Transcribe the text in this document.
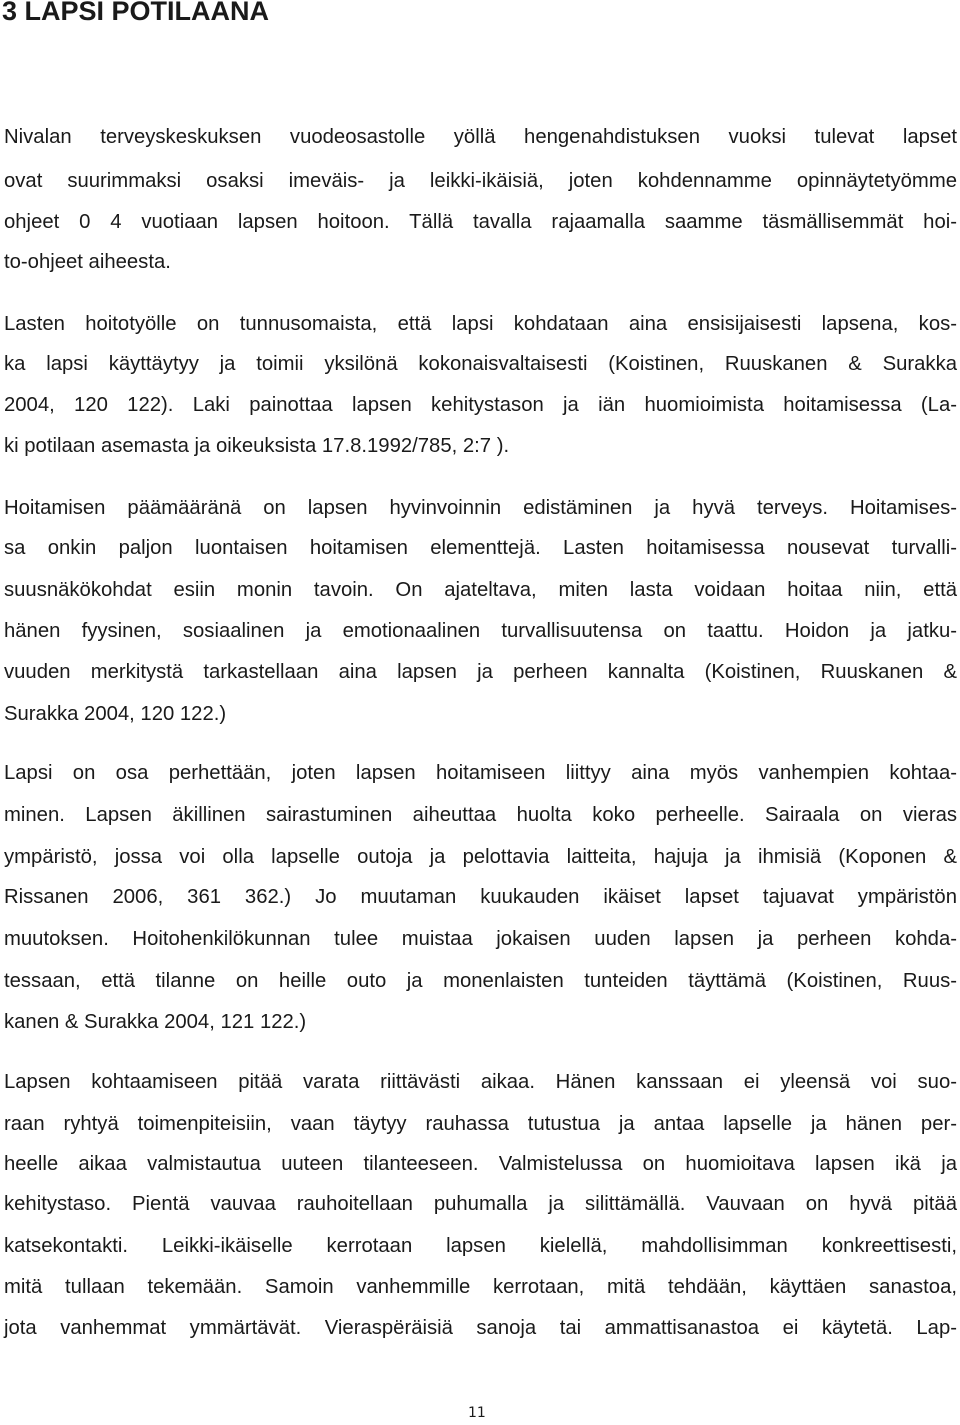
3 LAPSI POTILAANA
Nivalan terveyskeskuksen vuodeosastolle yöllä hengenahdistuksen vuoksi tulevat lapset
ovat suurimmaksi osaksi imeväis- ja leikki-ikäisiä, joten kohdennamme opinnäytetyömme
ohjeet 0 4 vuotiaan lapsen hoitoon. Tällä tavalla rajaamalla saamme täsmällisemmät hoi-
to-ohjeet aiheesta.
Lasten hoitotyölle on tunnusomaista, että lapsi kohdataan aina ensisijaisesti lapsena, kos-
ka lapsi käyttäytyy ja toimii yksilönä kokonaisvaltaisesti (Koistinen, Ruuskanen & Surakka
2004, 120 122). Laki painottaa lapsen kehitystason ja iän huomioimista hoitamisessa (La-
ki potilaan asemasta ja oikeuksista 17.8.1992/785, 2:7 ).
Hoitamisen päämääränä on lapsen hyvinvoinnin edistäminen ja hyvä terveys. Hoitamises-
sa onkin paljon luontaisen hoitamisen elementtejä. Lasten hoitamisessa nousevat turvalli-
suusnäkökohdat esiin monin tavoin. On ajateltava, miten lasta voidaan hoitaa niin, että
hänen fyysinen, sosiaalinen ja emotionaalinen turvallisuutensa on taattu. Hoidon ja jatku-
vuuden merkitystä tarkastellaan aina lapsen ja perheen kannalta (Koistinen, Ruuskanen &
Surakka 2004, 120 122.)
Lapsi on osa perhettään, joten lapsen hoitamiseen liittyy aina myös vanhempien kohtaa-
minen. Lapsen äkillinen sairastuminen aiheuttaa huolta koko perheelle. Sairaala on vieras
ympäristö, jossa voi olla lapselle outoja ja pelottavia laitteita, hajuja ja ihmisiä (Koponen &
Rissanen 2006, 361 362.) Jo muutaman kuukauden ikäiset lapset tajuavat ympäristön
muutoksen. Hoitohenkilökunnan tulee muistaa jokaisen uuden lapsen ja perheen kohda-
tessaan, että tilanne on heille outo ja monenlaisten tunteiden täyttämä (Koistinen, Ruus-
kanen & Surakka 2004, 121 122.)
Lapsen kohtaamiseen pitää varata riittävästi aikaa. Hänen kanssaan ei yleensä voi suo-
raan ryhtyä toimenpiteisiin, vaan täytyy rauhassa tutustua ja antaa lapselle ja hänen per-
heelle aikaa valmistautua uuteen tilanteeseen. Valmistelussa on huomioitava lapsen ikä ja
kehitystaso. Pientä vauvaa rauhoitellaan puhumalla ja silittämällä. Vauvaan on hyvä pitää
katsekontakti. Leikki-ikäiselle kerrotaan lapsen kielellä, mahdollisimman konkreettisesti,
mitä tullaan tekemään. Samoin vanhemmille kerrotaan, mitä tehdään, käyttäen sanastoa,
jota vanhemmat ymmärtävät. Vieraspëräisiä sanoja tai ammattisanastoa ei käytetä. Lap-
11
